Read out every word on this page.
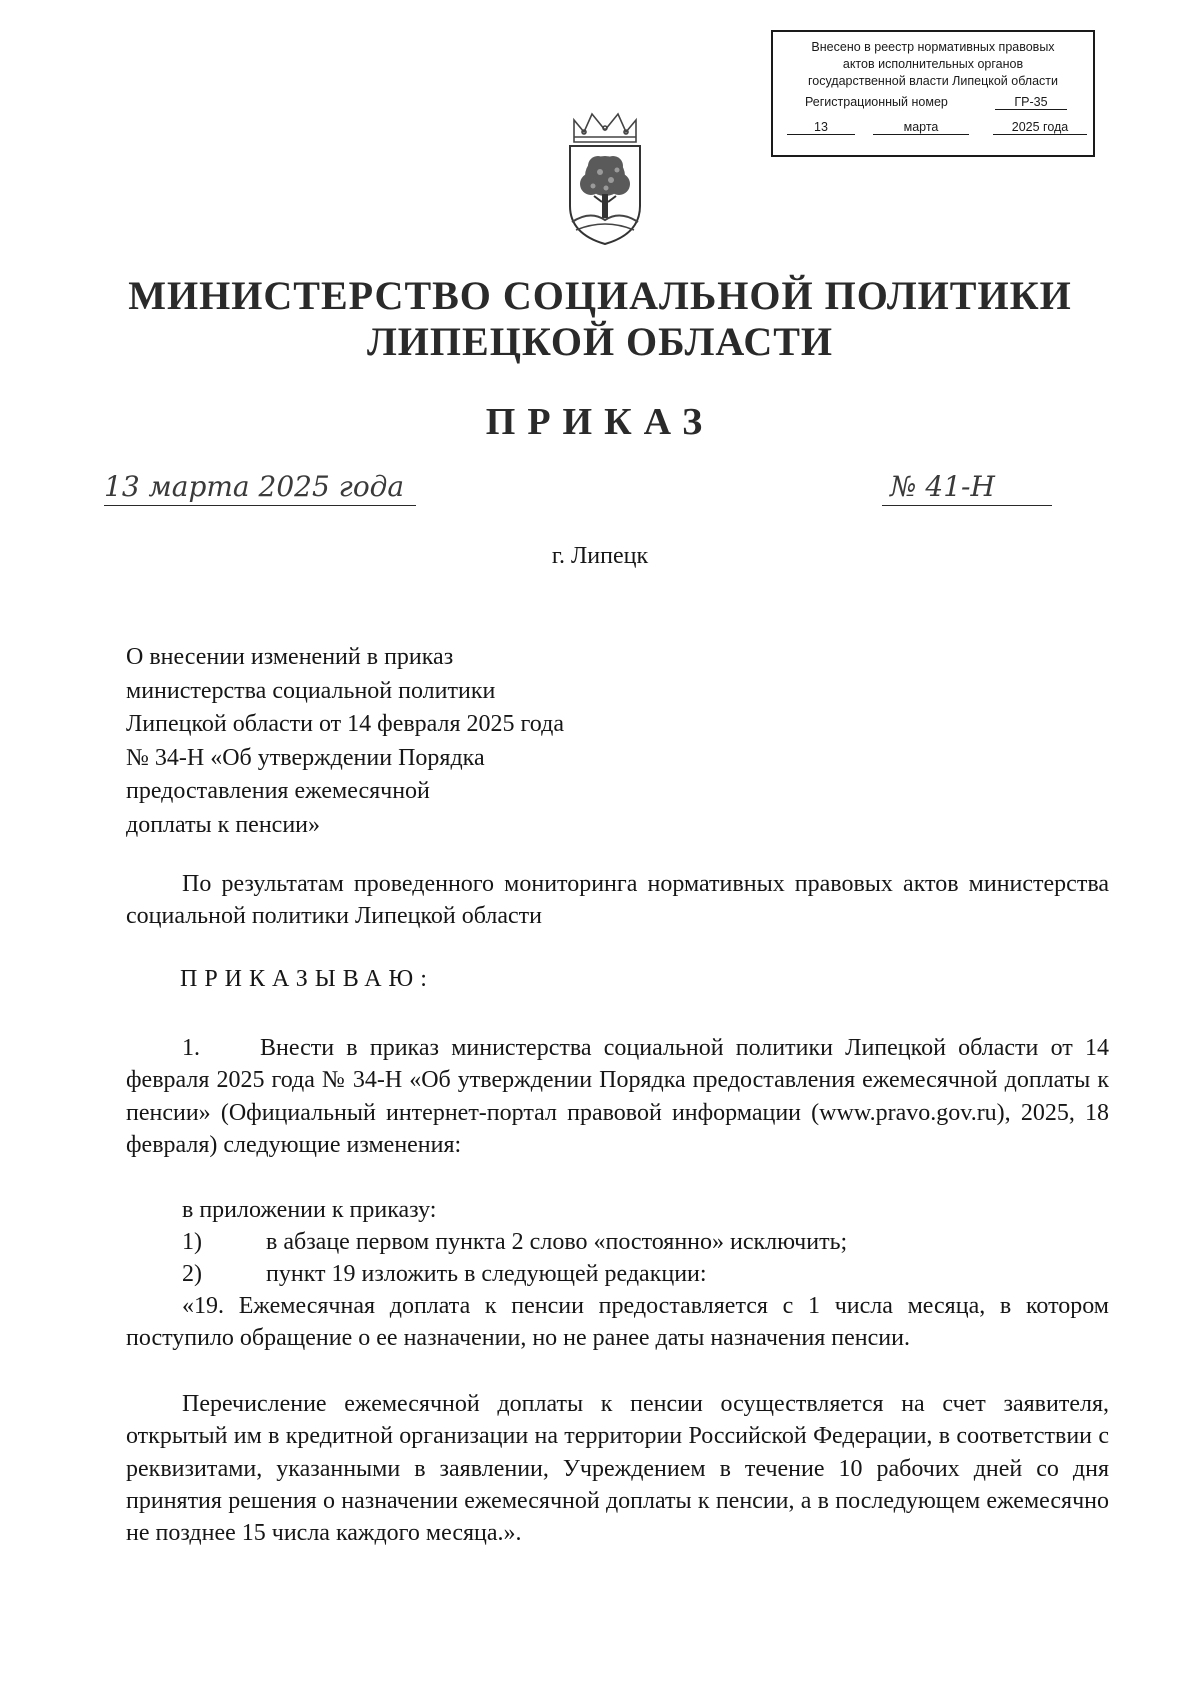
Внесено в реестр нормативных правовых
актов исполнительных органов
государственной власти Липецкой области
Регистрационный номер	ГР-35
13	марта	2025 года
МИНИСТЕРСТВО СОЦИАЛЬНОЙ ПОЛИТИКИ
ЛИПЕЦКОЙ ОБЛАСТИ
ПРИКАЗ
13 марта 2025 года	№ 41-Н
г. Липецк
О внесении изменений в приказ
министерства социальной политики
Липецкой области от 14 февраля 2025 года
№ 34-Н «Об утверждении Порядка
предоставления ежемесячной
доплаты к пенсии»
По результатам проведенного мониторинга нормативных правовых актов министерства социальной политики Липецкой области
ПРИКАЗЫВАЮ:
1.	Внести в приказ министерства социальной политики Липецкой области от 14 февраля 2025 года № 34-Н «Об утверждении Порядка предоставления ежемесячной доплаты к пенсии» (Официальный интернет-портал правовой информации (www.pravo.gov.ru), 2025, 18 февраля) следующие изменения:
в приложении к приказу:
1)	в абзаце первом пункта 2 слово «постоянно» исключить;
2)	пункт 19 изложить в следующей редакции:
«19. Ежемесячная доплата к пенсии предоставляется с 1 числа месяца, в котором поступило обращение о ее назначении, но не ранее даты назначения пенсии.
Перечисление ежемесячной доплаты к пенсии осуществляется на счет заявителя, открытый им в кредитной организации на территории Российской Федерации, в соответствии с реквизитами, указанными в заявлении, Учреждением в течение 10 рабочих дней со дня принятия решения о назначении ежемесячной доплаты к пенсии, а в последующем ежемесячно не позднее 15 числа каждого месяца.».
